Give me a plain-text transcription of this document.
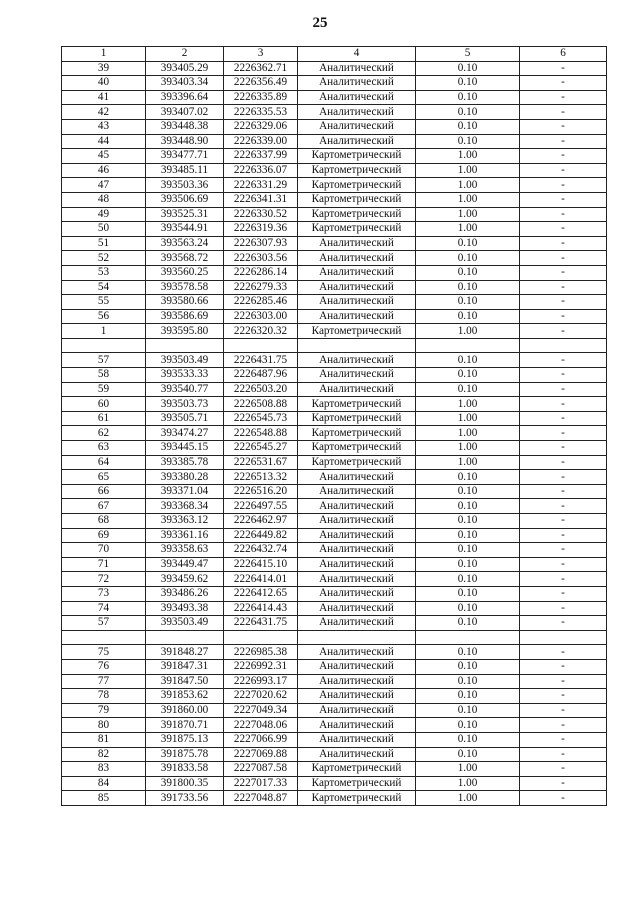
25
1	2	3	4	5	6
39	393405.29	2226362.71	Аналитический	0.10	-
40	393403.34	2226356.49	Аналитический	0.10	-
41	393396.64	2226335.89	Аналитический	0.10	-
42	393407.02	2226335.53	Аналитический	0.10	-
43	393448.38	2226329.06	Аналитический	0.10	-
44	393448.90	2226339.00	Аналитический	0.10	-
45	393477.71	2226337.99	Картометрический	1.00	-
46	393485.11	2226336.07	Картометрический	1.00	-
47	393503.36	2226331.29	Картометрический	1.00	-
48	393506.69	2226341.31	Картометрический	1.00	-
49	393525.31	2226330.52	Картометрический	1.00	-
50	393544.91	2226319.36	Картометрический	1.00	-
51	393563.24	2226307.93	Аналитический	0.10	-
52	393568.72	2226303.56	Аналитический	0.10	-
53	393560.25	2226286.14	Аналитический	0.10	-
54	393578.58	2226279.33	Аналитический	0.10	-
55	393580.66	2226285.46	Аналитический	0.10	-
56	393586.69	2226303.00	Аналитический	0.10	-
1	393595.80	2226320.32	Картометрический	1.00	-

57	393503.49	2226431.75	Аналитический	0.10	-
58	393533.33	2226487.96	Аналитический	0.10	-
59	393540.77	2226503.20	Аналитический	0.10	-
60	393503.73	2226508.88	Картометрический	1.00	-
61	393505.71	2226545.73	Картометрический	1.00	-
62	393474.27	2226548.88	Картометрический	1.00	-
63	393445.15	2226545.27	Картометрический	1.00	-
64	393385.78	2226531.67	Картометрический	1.00	-
65	393380.28	2226513.32	Аналитический	0.10	-
66	393371.04	2226516.20	Аналитический	0.10	-
67	393368.34	2226497.55	Аналитический	0.10	-
68	393363.12	2226462.97	Аналитический	0.10	-
69	393361.16	2226449.82	Аналитический	0.10	-
70	393358.63	2226432.74	Аналитический	0.10	-
71	393449.47	2226415.10	Аналитический	0.10	-
72	393459.62	2226414.01	Аналитический	0.10	-
73	393486.26	2226412.65	Аналитический	0.10	-
74	393493.38	2226414.43	Аналитический	0.10	-
57	393503.49	2226431.75	Аналитический	0.10	-

75	391848.27	2226985.38	Аналитический	0.10	-
76	391847.31	2226992.31	Аналитический	0.10	-
77	391847.50	2226993.17	Аналитический	0.10	-
78	391853.62	2227020.62	Аналитический	0.10	-
79	391860.00	2227049.34	Аналитический	0.10	-
80	391870.71	2227048.06	Аналитический	0.10	-
81	391875.13	2227066.99	Аналитический	0.10	-
82	391875.78	2227069.88	Аналитический	0.10	-
83	391833.58	2227087.58	Картометрический	1.00	-
84	391800.35	2227017.33	Картометрический	1.00	-
85	391733.56	2227048.87	Картометрический	1.00	-
